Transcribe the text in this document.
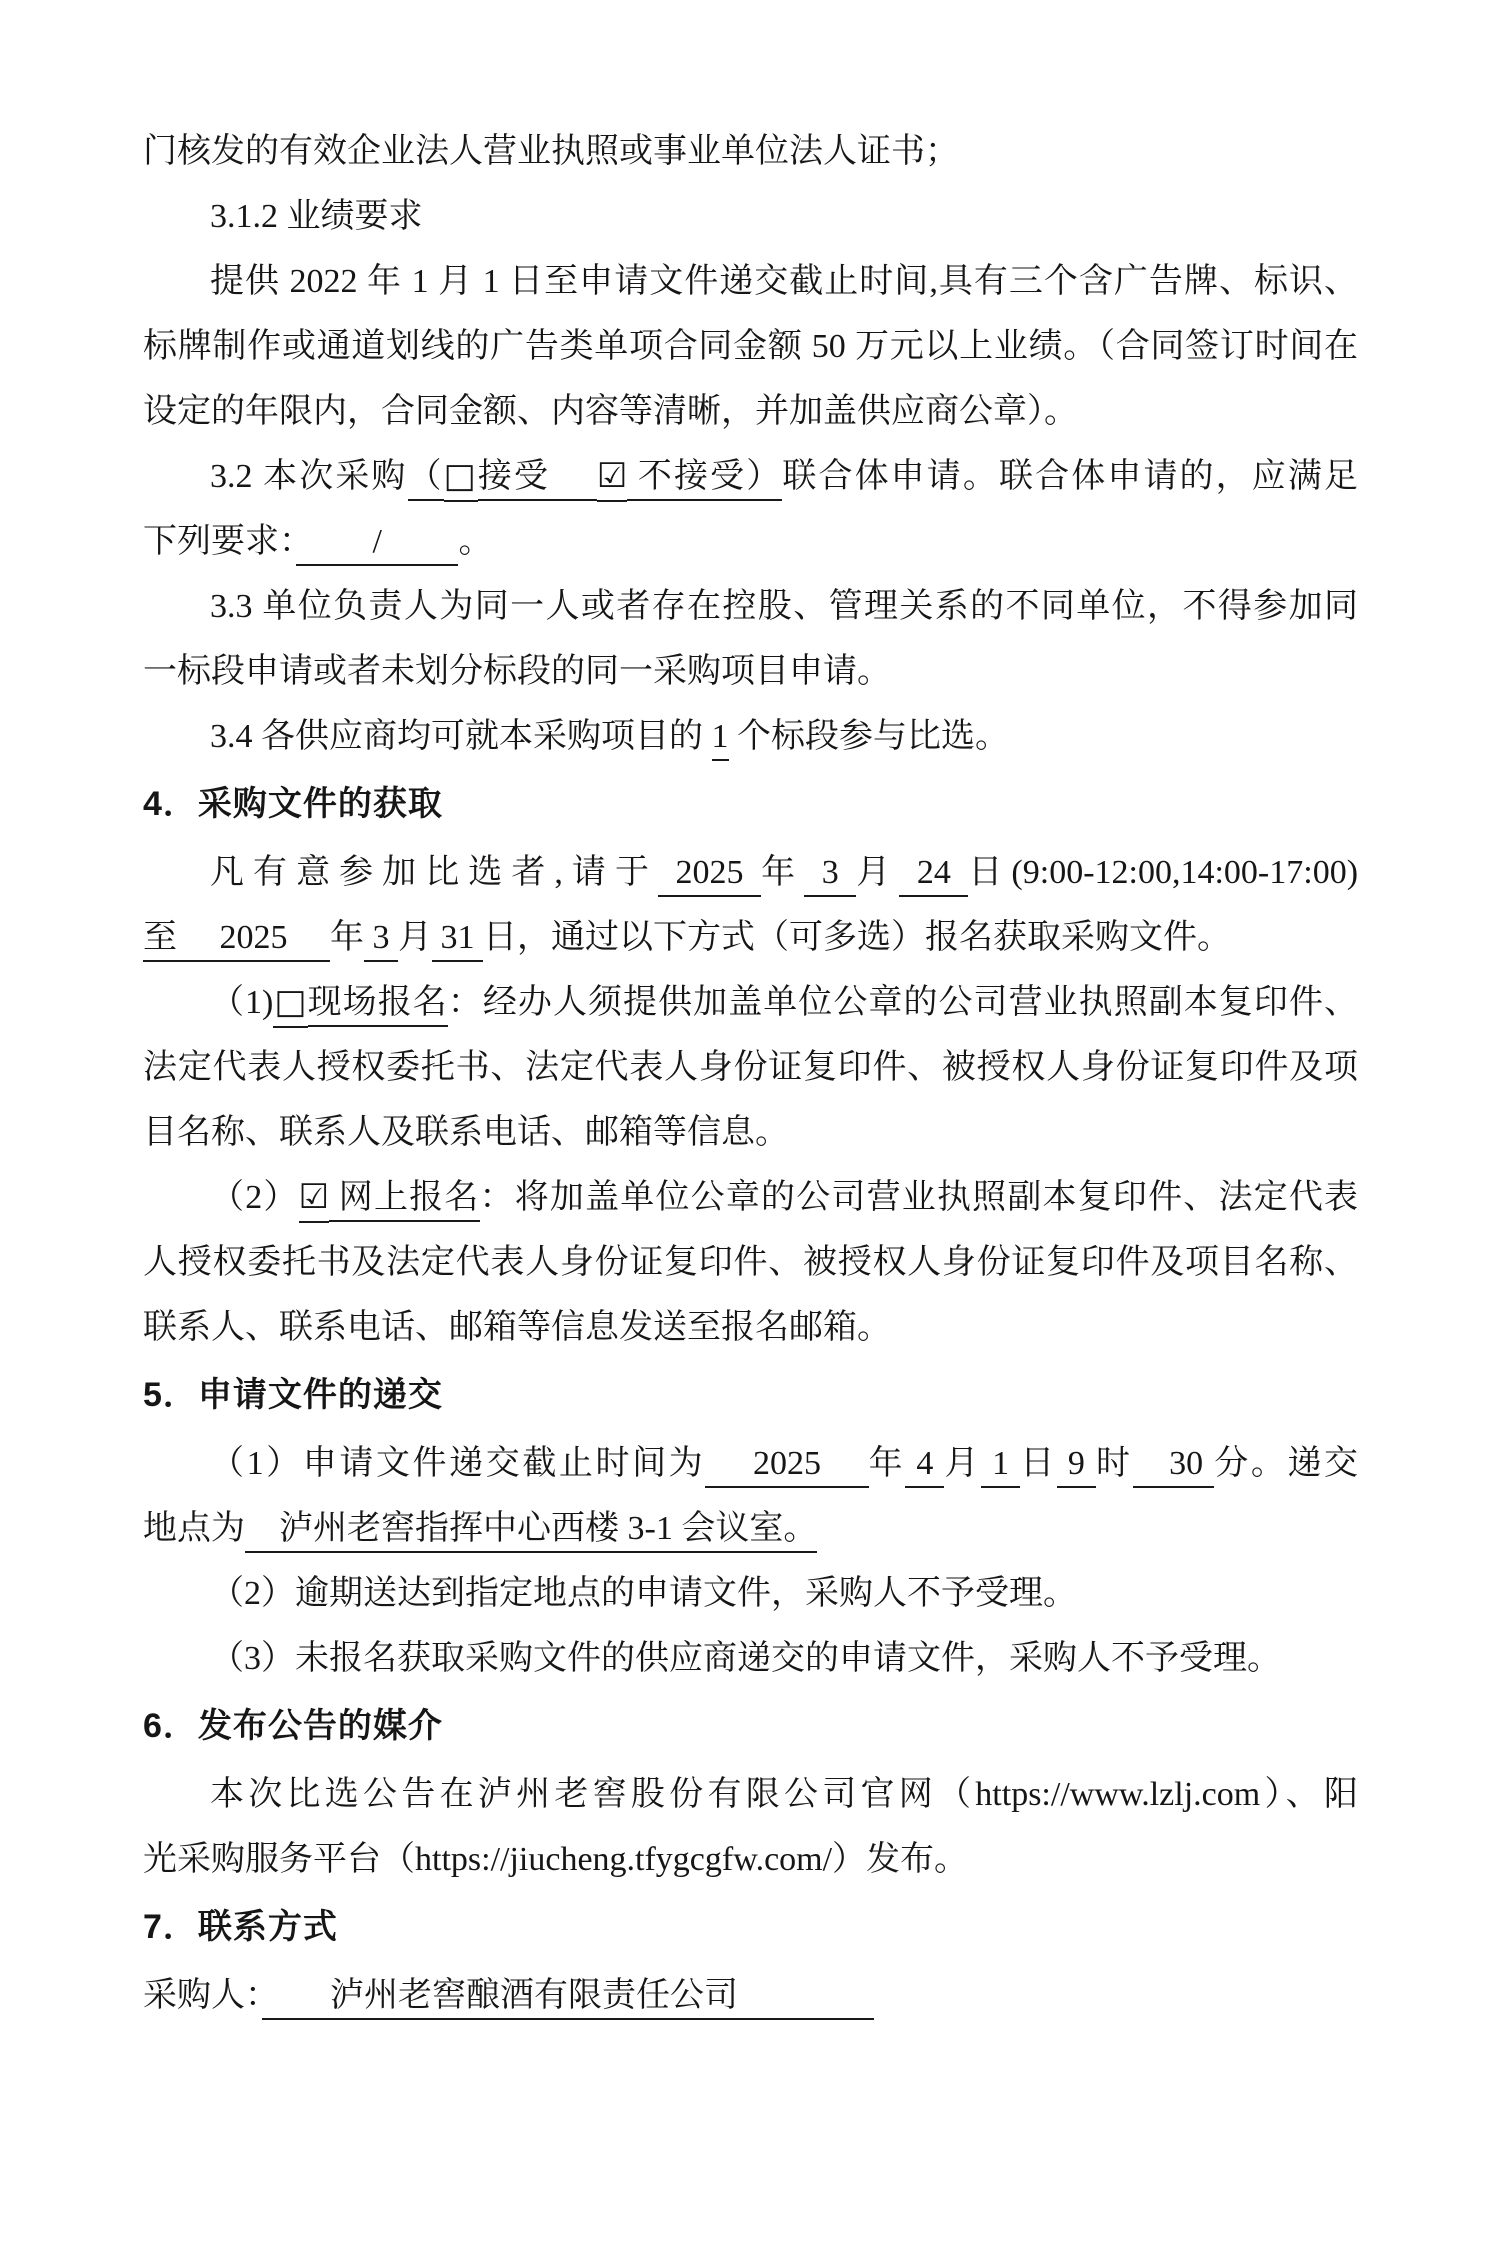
门核发的有效企业法人营业执照或事业单位法人证书；
3.1.2 业绩要求
提供 2022 年 1 月 1 日至申请文件递交截止时间,具有三个含广告牌、标识、
标牌制作或通道划线的广告类单项合同金额 50 万元以上业绩。（合同签订时间在
设定的年限内，合同金额、内容等清晰，并加盖供应商公章）。
3.2 本次采购（□接受　 ☑ 不接受）联合体申请。联合体申请的，应满足
下列要求：　　 / 　　 。
3.3 单位负责人为同一人或者存在控股、管理关系的不同单位，不得参加同
一标段申请或者未划分标段的同一采购项目申请。
3.4 各供应商均可就本采购项目的 1 个标段参与比选。
4．采购文件的获取
凡有意参加比选者,请于 2025 年 3 月 24 日(9:00-12:00,14:00-17:00)
至　 2025 　年 3 月 31 日，通过以下方式（可多选）报名获取采购文件。
（1)□现场报名：经办人须提供加盖单位公章的公司营业执照副本复印件、
法定代表人授权委托书、法定代表人身份证复印件、被授权人身份证复印件及项
目名称、联系人及联系电话、邮箱等信息。
（2）☑ 网上报名：将加盖单位公章的公司营业执照副本复印件、法定代表
人授权委托书及法定代表人身份证复印件、被授权人身份证复印件及项目名称、
联系人、联系电话、邮箱等信息发送至报名邮箱。
5．申请文件的递交
（1）申请文件递交截止时间为　 2025 　年 4 月 1 日 9 时　30 分。递交
地点为　泸州老窖指挥中心西楼 3-1 会议室。
（2）逾期送达到指定地点的申请文件，采购人不予受理。
（3）未报名获取采购文件的供应商递交的申请文件，采购人不予受理。
6．发布公告的媒介
本次比选公告在泸州老窖股份有限公司官网（https://www.lzlj.com）、阳
光采购服务平台（https://jiucheng.tfygcgfw.com/）发布。
7．联系方式
采购人：　　泸州老窖酿酒有限责任公司　　　　
